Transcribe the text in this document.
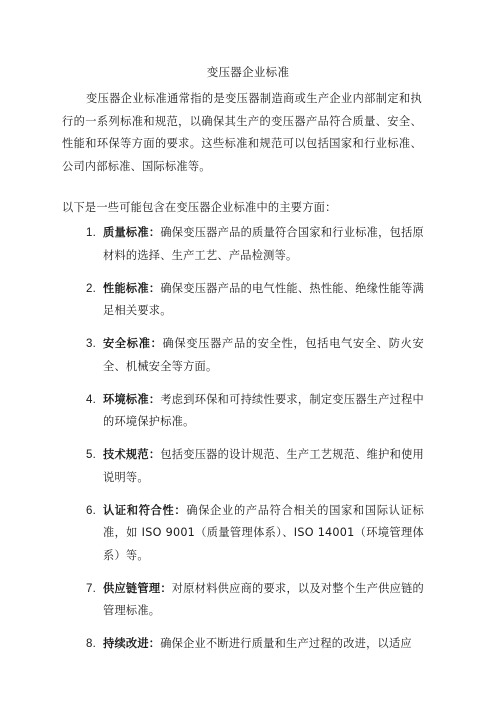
变压器企业标准

变压器企业标准通常指的是变压器制造商或生产企业内部制定和执行的一系列标准和规范，以确保其生产的变压器产品符合质量、安全、性能和环保等方面的要求。这些标准和规范可以包括国家和行业标准、公司内部标准、国际标准等。

以下是一些可能包含在变压器企业标准中的主要方面：

1. 质量标准：确保变压器产品的质量符合国家和行业标准，包括原材料的选择、生产工艺、产品检测等。
2. 性能标准：确保变压器产品的电气性能、热性能、绝缘性能等满足相关要求。
3. 安全标准：确保变压器产品的安全性，包括电气安全、防火安全、机械安全等方面。
4. 环境标准：考虑到环保和可持续性要求，制定变压器生产过程中的环境保护标准。
5. 技术规范：包括变压器的设计规范、生产工艺规范、维护和使用说明等。
6. 认证和符合性：确保企业的产品符合相关的国家和国际认证标准，如 ISO 9001（质量管理体系）、ISO 14001（环境管理体系）等。
7. 供应链管理：对原材料供应商的要求，以及对整个生产供应链的管理标准。
8. 持续改进：确保企业不断进行质量和生产过程的改进，以适应
